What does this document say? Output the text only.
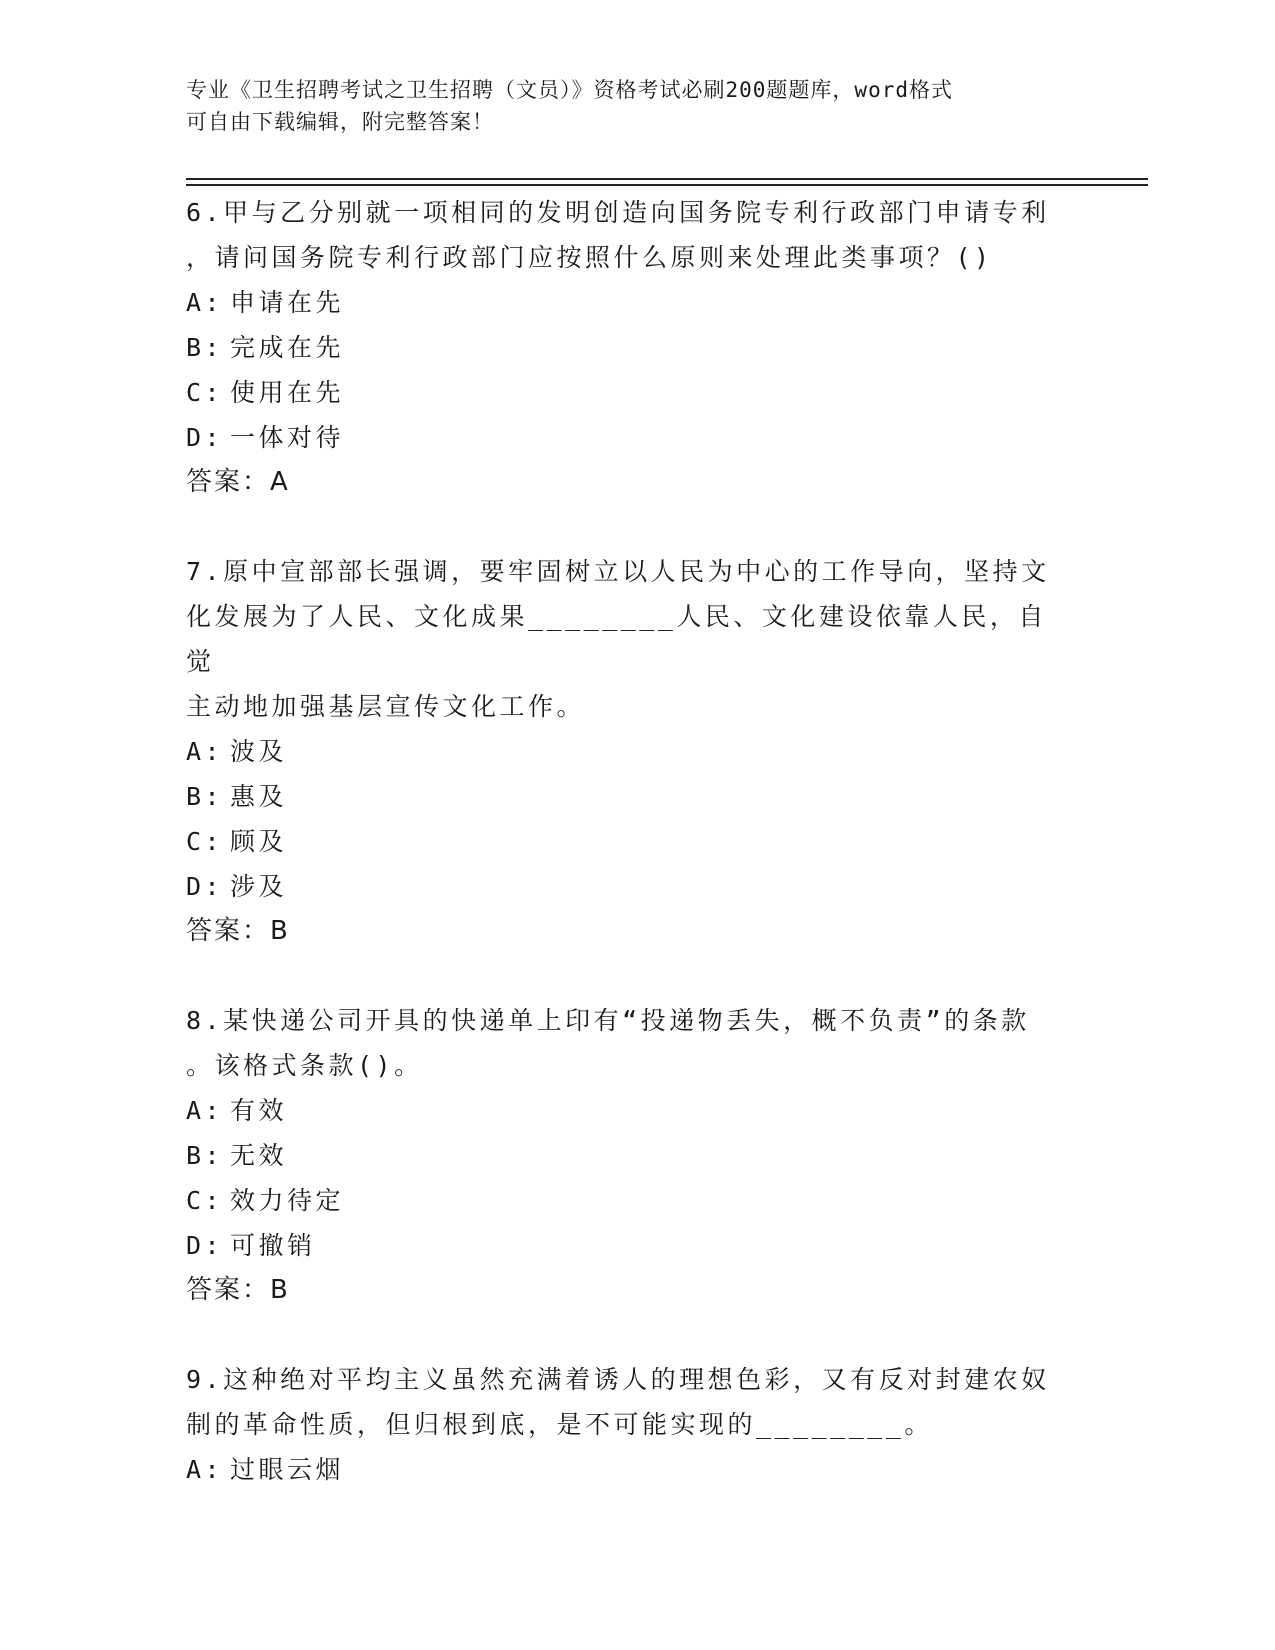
专业《卫生招聘考试之卫生招聘（文员）》资格考试必刷200题题库，word格式
可自由下载编辑，附完整答案！

6.甲与乙分别就一项相同的发明创造向国务院专利行政部门申请专利
，请问国务院专利行政部门应按照什么原则来处理此类事项？()

A: 申请在先
B: 完成在先
C: 使用在先
D: 一体对待
答案：A

7.原中宣部部长强调，要牢固树立以人民为中心的工作导向，坚持文
化发展为了人民、文化成果________人民、文化建设依靠人民，自觉
主动地加强基层宣传文化工作。

A: 波及
B: 惠及
C: 顾及
D: 涉及
答案：B

8.某快递公司开具的快递单上印有“投递物丢失，概不负责”的条款
。该格式条款()。

A: 有效
B: 无效
C: 效力待定
D: 可撤销
答案：B

9.这种绝对平均主义虽然充满着诱人的理想色彩，又有反对封建农奴
制的革命性质，但归根到底，是不可能实现的________。

A: 过眼云烟
